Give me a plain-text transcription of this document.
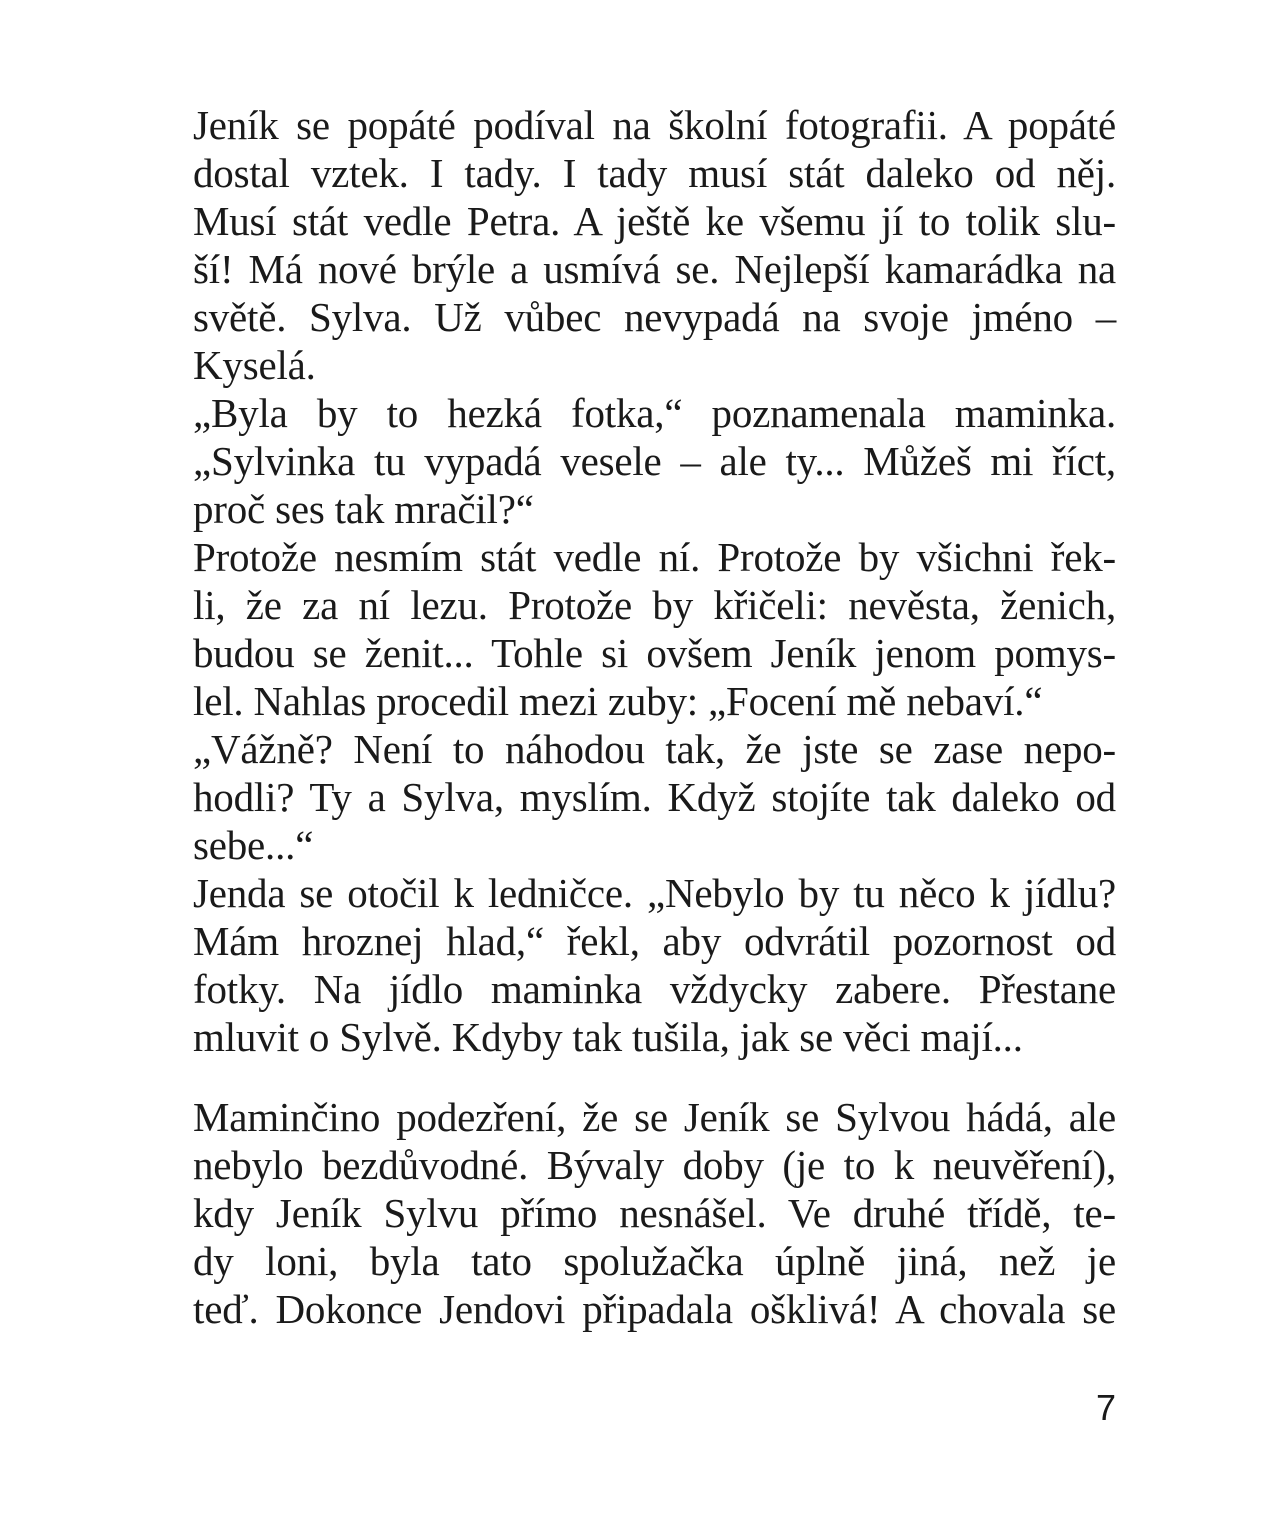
Jeník se popáté podíval na školní fotografii. A popáté
dostal vztek. I tady. I tady musí stát daleko od něj.
Musí stát vedle Petra. A ještě ke všemu jí to tolik slu-
ší! Má nové brýle a usmívá se. Nejlepší kamarádka na
světě. Sylva. Už vůbec nevypadá na svoje jméno –
Kyselá.
„Byla by to hezká fotka,“ poznamenala maminka.
„Sylvinka tu vypadá vesele – ale ty... Můžeš mi říct,
proč ses tak mračil?“
Protože nesmím stát vedle ní. Protože by všichni řek-
li, že za ní lezu. Protože by křičeli: nevěsta, ženich,
budou se ženit... Tohle si ovšem Jeník jenom pomys-
lel. Nahlas procedil mezi zuby: „Focení mě nebaví.“
„Vážně? Není to náhodou tak, že jste se zase nepo-
hodli? Ty a Sylva, myslím. Když stojíte tak daleko od
sebe...“
Jenda se otočil k ledničce. „Nebylo by tu něco k jídlu?
Mám hroznej hlad,“ řekl, aby odvrátil pozornost od
fotky. Na jídlo maminka vždycky zabere. Přestane
mluvit o Sylvě. Kdyby tak tušila, jak se věci mají...
Maminčino podezření, že se Jeník se Sylvou hádá, ale
nebylo bezdůvodné. Bývaly doby (je to k neuvěření),
kdy Jeník Sylvu přímo nesnášel. Ve druhé třídě, te-
dy loni, byla tato spolužačka úplně jiná, než je
teď. Dokonce Jendovi připadala ošklivá! A chovala se
7
